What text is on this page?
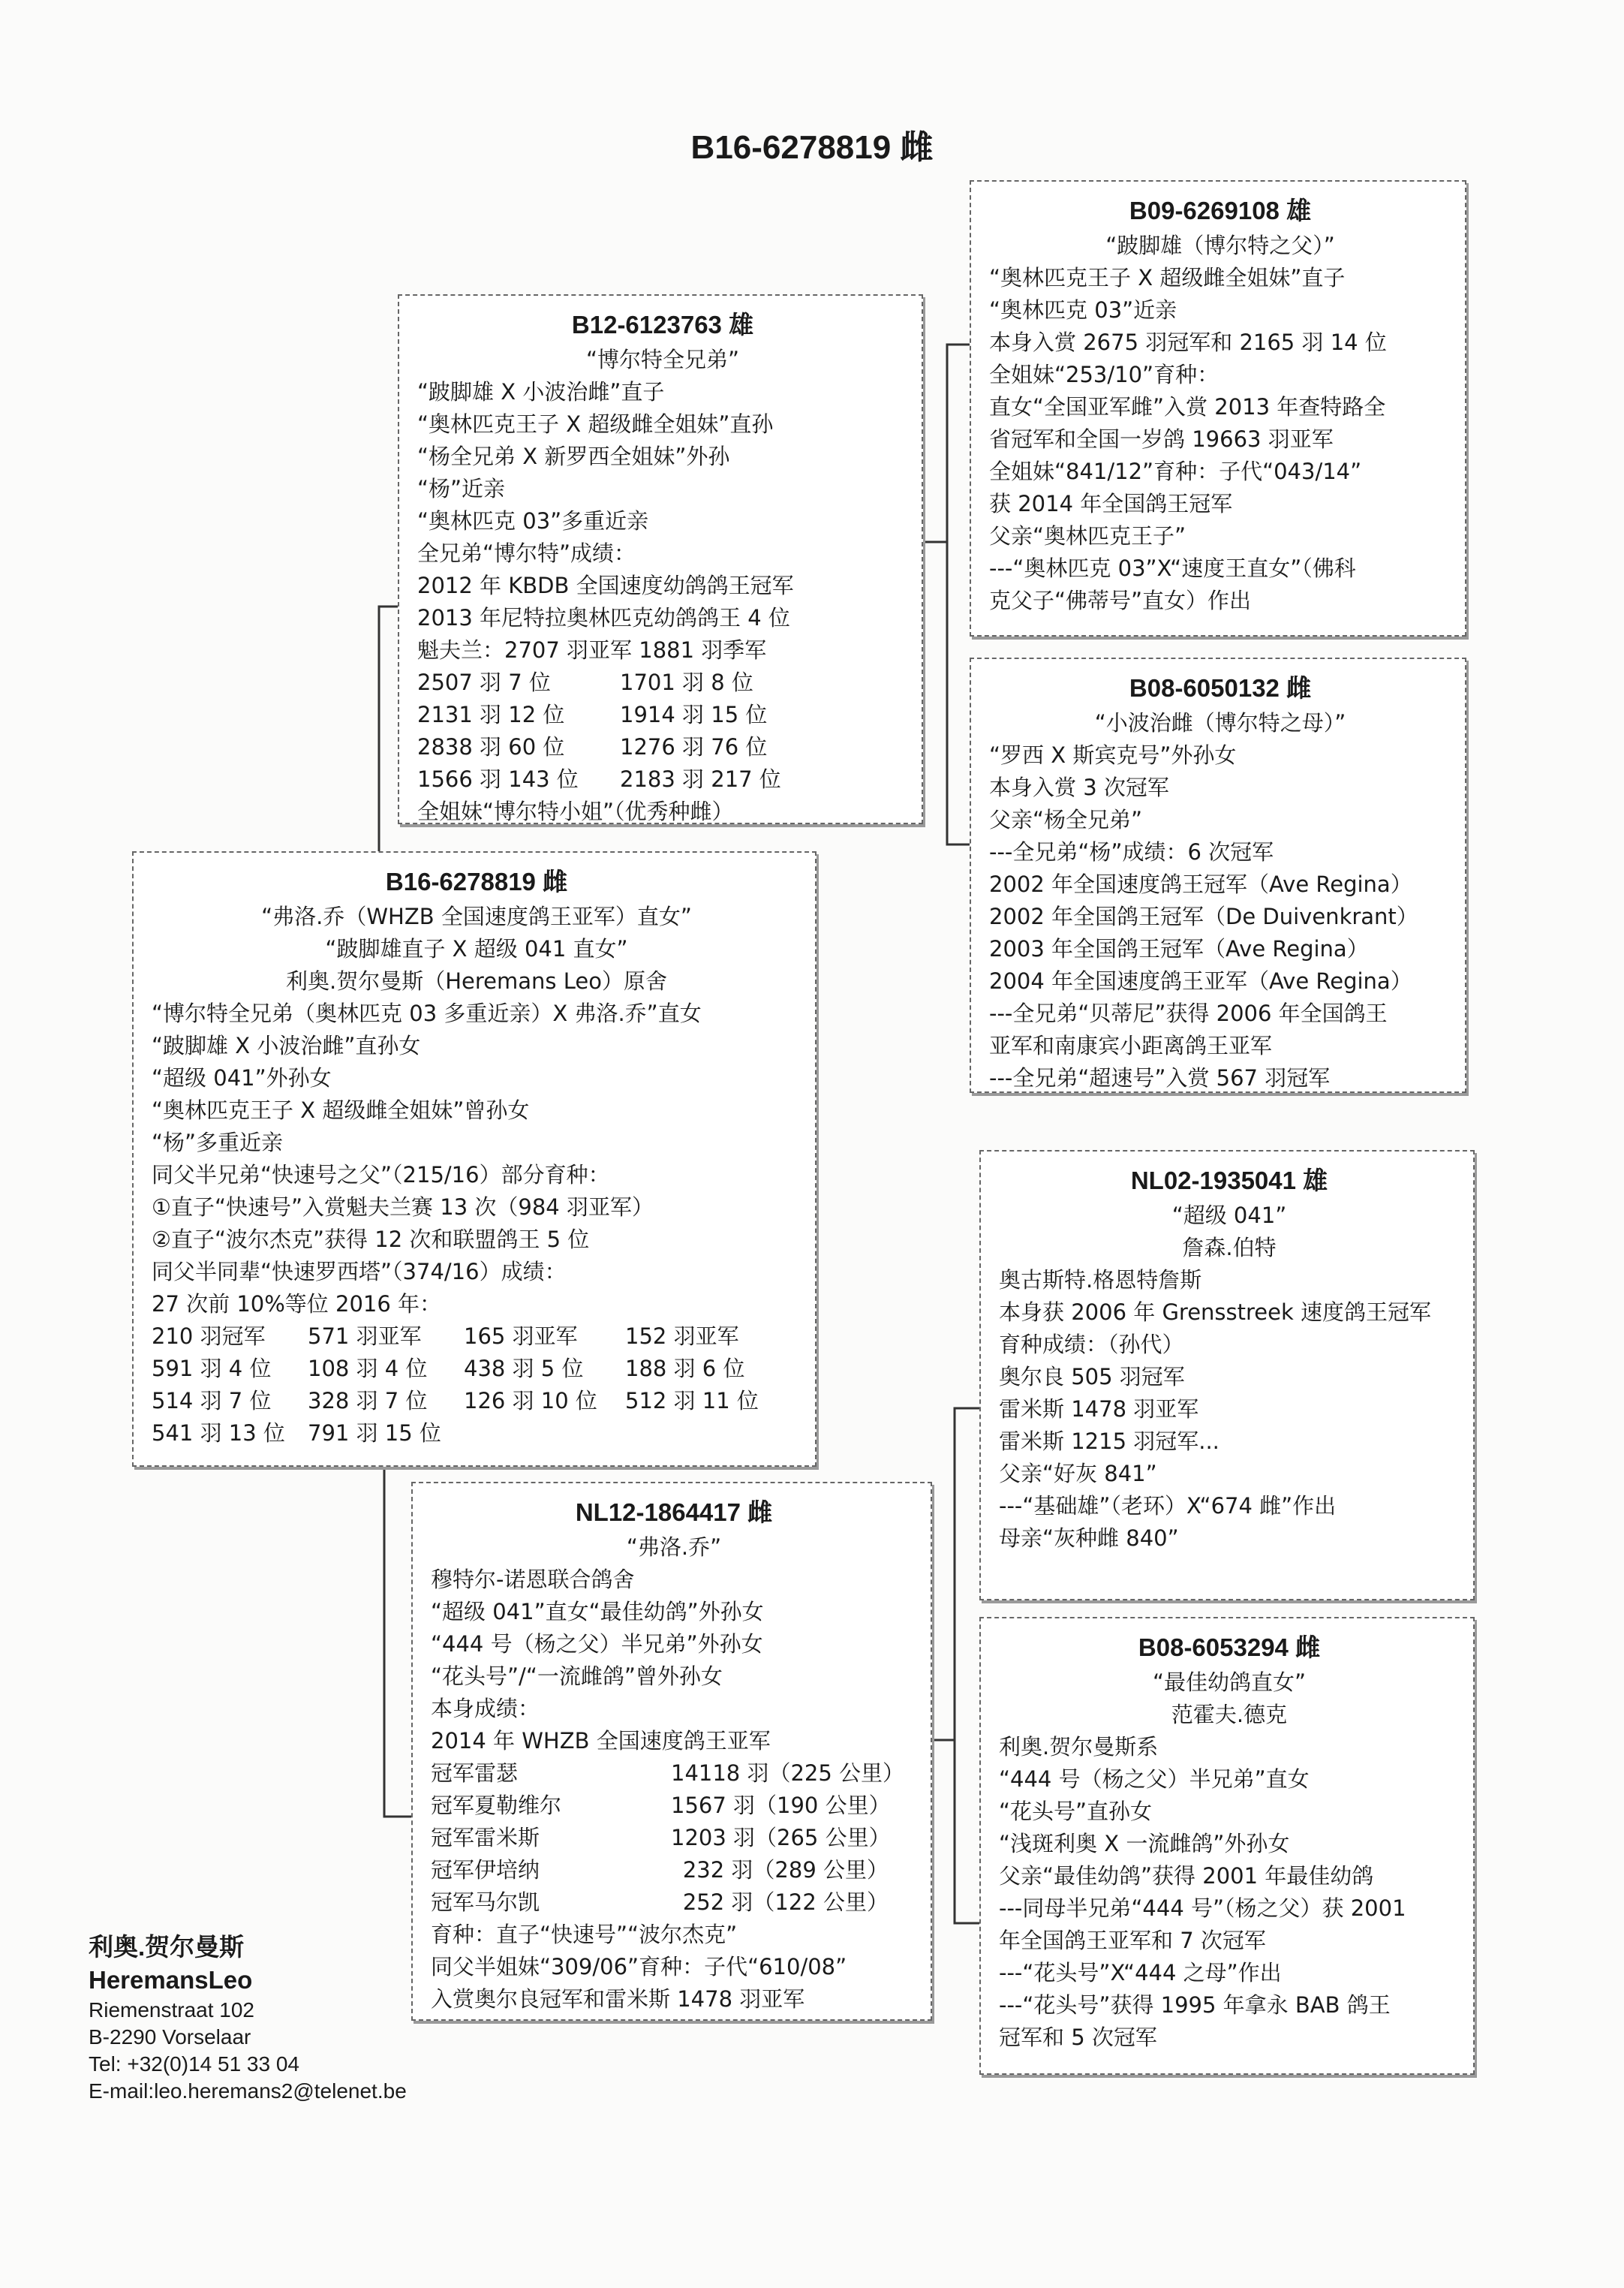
B16-6278819 雌
B12-6123763 雄
“博尔特全兄弟”
“跛脚雄 X 小波治雌”直子
“奥林匹克王子 X 超级雌全姐妹”直孙
“杨全兄弟 X 新罗西全姐妹”外孙
“杨”近亲
“奥林匹克 03”多重近亲
全兄弟“博尔特”成绩：
2012 年 KBDB 全国速度幼鸽鸽王冠军
2013 年尼特拉奥林匹克幼鸽鸽王 4 位
魁夫兰：2707 羽亚军 1881 羽季军
2507 羽 7 位	1701 羽 8 位
2131 羽 12 位	1914 羽 15 位
2838 羽 60 位	1276 羽 76 位
1566 羽 143 位 2183 羽 217 位
全姐妹“博尔特小姐”（优秀种雌）
B09-6269108 雄
“跛脚雄（博尔特之父）”
“奥林匹克王子 X 超级雌全姐妹”直子
“奥林匹克 03”近亲
本身入赏 2675 羽冠军和 2165 羽 14 位
全姐妹“253/10”育种：
直女“全国亚军雌”入赏 2013 年查特路全
省冠军和全国一岁鸽 19663 羽亚军
全姐妹“841/12”育种：子代“043/14”
获 2014 年全国鸽王冠军
父亲“奥林匹克王子”
---“奥林匹克 03”X“速度王直女”（佛科
克父子“佛蒂号”直女）作出
B08-6050132 雌
“小波治雌（博尔特之母）”
“罗西 X 斯宾克号”外孙女
本身入赏 3 次冠军
父亲“杨全兄弟”
---全兄弟“杨”成绩：6 次冠军
2002 年全国速度鸽王冠军（Ave Regina）
2002 年全国鸽王冠军（De Duivenkrant）
2003 年全国鸽王冠军（Ave Regina）
2004 年全国速度鸽王亚军（Ave Regina）
---全兄弟“贝蒂尼”获得 2006 年全国鸽王
亚军和南康宾小距离鸽王亚军
---全兄弟“超速号”入赏 567 羽冠军
B16-6278819 雌
“弗洛.乔（WHZB 全国速度鸽王亚军）直女”
“跛脚雄直子 X 超级 041 直女”
利奥.贺尔曼斯（Heremans Leo）原舍
“博尔特全兄弟（奥林匹克 03 多重近亲）X 弗洛.乔”直女
“跛脚雄 X 小波治雌”直孙女
“超级 041”外孙女
“奥林匹克王子 X 超级雌全姐妹”曾孙女
“杨”多重近亲
同父半兄弟“快速号之父”（215/16）部分育种：
①直子“快速号”入赏魁夫兰赛 13 次（984 羽亚军）
②直子“波尔杰克”获得 12 次和联盟鸽王 5 位
同父半同辈“快速罗西塔”（374/16）成绩：
27 次前 10%等位 2016 年：
210 羽冠军 571 羽亚军 165 羽亚军 152 羽亚军
591 羽 4 位 108 羽 4 位 438 羽 5 位 188 羽 6 位
514 羽 7 位 328 羽 7 位 126 羽 10 位 512 羽 11 位
541 羽 13 位 791 羽 15 位
NL12-1864417 雌
“弗洛.乔”
穆特尔-诺恩联合鸽舍
“超级 041”直女“最佳幼鸽”外孙女
“444 号（杨之父）半兄弟”外孙女
“花头号”/“一流雌鸽”曾外孙女
本身成绩：
2014 年 WHZB 全国速度鸽王亚军
冠军雷瑟	14118 羽（225 公里）
冠军夏勒维尔	1567 羽（190 公里）
冠军雷米斯	1203 羽（265 公里）
冠军伊培纳	232 羽（289 公里）
冠军马尔凯	252 羽（122 公里）
育种：直子“快速号”“波尔杰克”
同父半姐妹“309/06”育种：子代“610/08”
入赏奥尔良冠军和雷米斯 1478 羽亚军
NL02-1935041 雄
“超级 041”
詹森.伯特
奥古斯特.格恩特詹斯
本身获 2006 年 Grensstreek 速度鸽王冠军
育种成绩：（孙代）
奥尔良 505 羽冠军
雷米斯 1478 羽亚军
雷米斯 1215 羽冠军...
父亲“好灰 841”
---“基础雄”（老环）X“674 雌”作出
母亲“灰种雌 840”
B08-6053294 雌
“最佳幼鸽直女”
范霍夫.德克
利奥.贺尔曼斯系
“444 号（杨之父）半兄弟”直女
“花头号”直孙女
“浅斑利奥 X 一流雌鸽”外孙女
父亲“最佳幼鸽”获得 2001 年最佳幼鸽
---同母半兄弟“444 号”（杨之父）获 2001
年全国鸽王亚军和 7 次冠军
---“花头号”X“444 之母”作出
---“花头号”获得 1995 年拿永 BAB 鸽王
冠军和 5 次冠军
利奥.贺尔曼斯
HeremansLeo
Riemenstraat 102
B-2290 Vorselaar
Tel: +32(0)14 51 33 04
E-mail:leo.heremans2@telenet.be
